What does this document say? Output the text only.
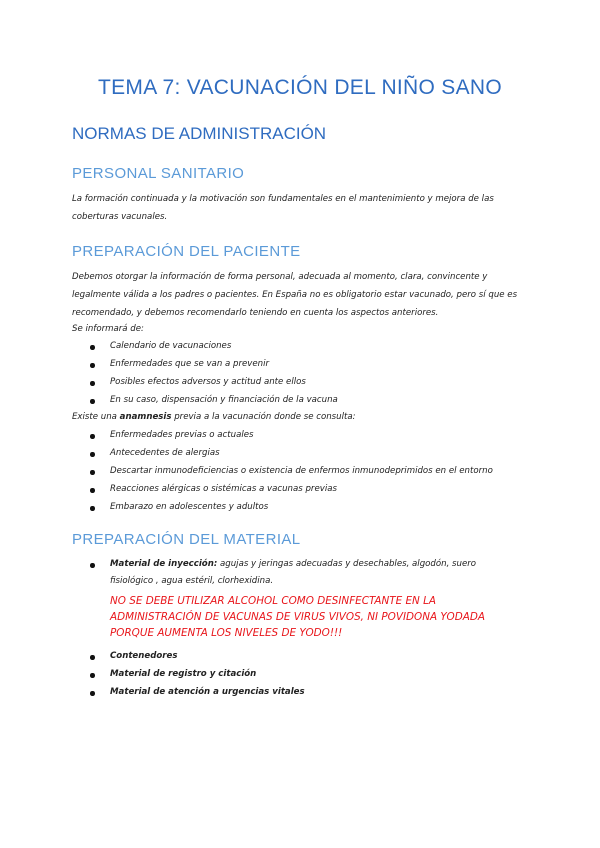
TEMA 7: VACUNACIÓN DEL NIÑO SANO
NORMAS DE ADMINISTRACIÓN
PERSONAL SANITARIO
La formación continuada y la motivación son fundamentales en el mantenimiento y mejora de las coberturas vacunales.
PREPARACIÓN DEL PACIENTE
Debemos otorgar la información de forma personal, adecuada al momento, clara, convincente y legalmente válida a los padres o pacientes. En España no es obligatorio estar vacunado, pero sí que es recomendado, y debemos recomendarlo teniendo en cuenta los aspectos anteriores.
Se informará de:
Calendario de vacunaciones
Enfermedades que se van a prevenir
Posibles efectos adversos y actitud ante ellos
En su caso, dispensación y financiación de la vacuna
Existe una anamnesis previa a la vacunación donde se consulta:
Enfermedades previas o actuales
Antecedentes de alergias
Descartar inmunodeficiencias o existencia de enfermos inmunodeprimidos en el entorno
Reacciones alérgicas o sistémicas a vacunas previas
Embarazo en adolescentes y adultos
PREPARACIÓN DEL MATERIAL
Material de inyección: agujas y jeringas adecuadas y desechables, algodón, suero fisiológico , agua estéril, clorhexidina.
NO SE DEBE UTILIZAR ALCOHOL COMO DESINFECTANTE EN LA ADMINISTRACIÓN DE VACUNAS DE VIRUS VIVOS, NI POVIDONA YODADA PORQUE AUMENTA LOS NIVELES DE YODO!!!
Contenedores
Material de registro y citación
Material de atención a urgencias vitales
